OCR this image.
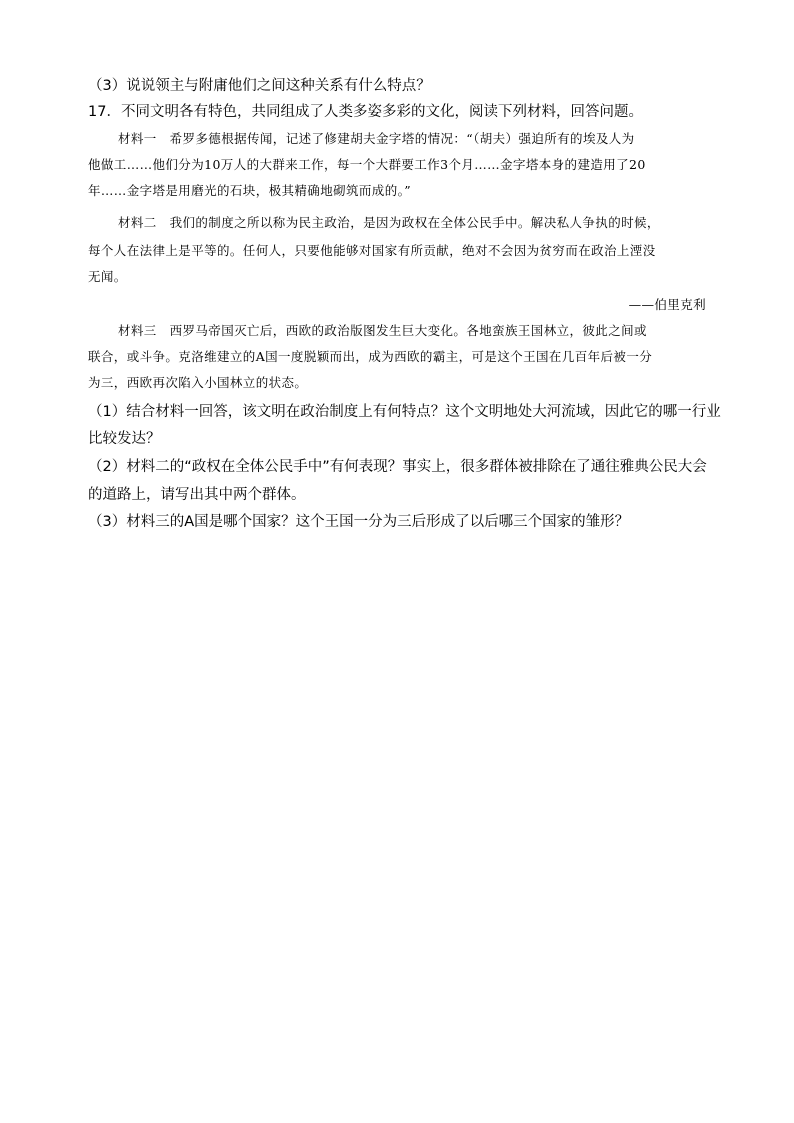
（3）说说领主与附庸他们之间这种关系有什么特点？
17．不同文明各有特色，共同组成了人类多姿多彩的文化，阅读下列材料，回答问题。
材料一　希罗多德根据传闻，记述了修建胡夫金字塔的情况：“（胡夫）强迫所有的埃及人为
他做工……他们分为10万人的大群来工作，每一个大群要工作3个月……金字塔本身的建造用了20
年……金字塔是用磨光的石块，极其精确地砌筑而成的。”
材料二　我们的制度之所以称为民主政治，是因为政权在全体公民手中。解决私人争执的时候，
每个人在法律上是平等的。任何人，只要他能够对国家有所贡献，绝对不会因为贫穷而在政治上湮没
无闻。
——伯里克利
材料三　西罗马帝国灭亡后，西欧的政治版图发生巨大变化。各地蛮族王国林立，彼此之间或
联合，或斗争。克洛维建立的A国一度脱颖而出，成为西欧的霸主，可是这个王国在几百年后被一分
为三，西欧再次陷入小国林立的状态。
（1）结合材料一回答，该文明在政治制度上有何特点？这个文明地处大河流域，因此它的哪一行业
比较发达？
（2）材料二的“政权在全体公民手中”有何表现？事实上，很多群体被排除在了通往雅典公民大会
的道路上，请写出其中两个群体。
（3）材料三的A国是哪个国家？这个王国一分为三后形成了以后哪三个国家的雏形？
